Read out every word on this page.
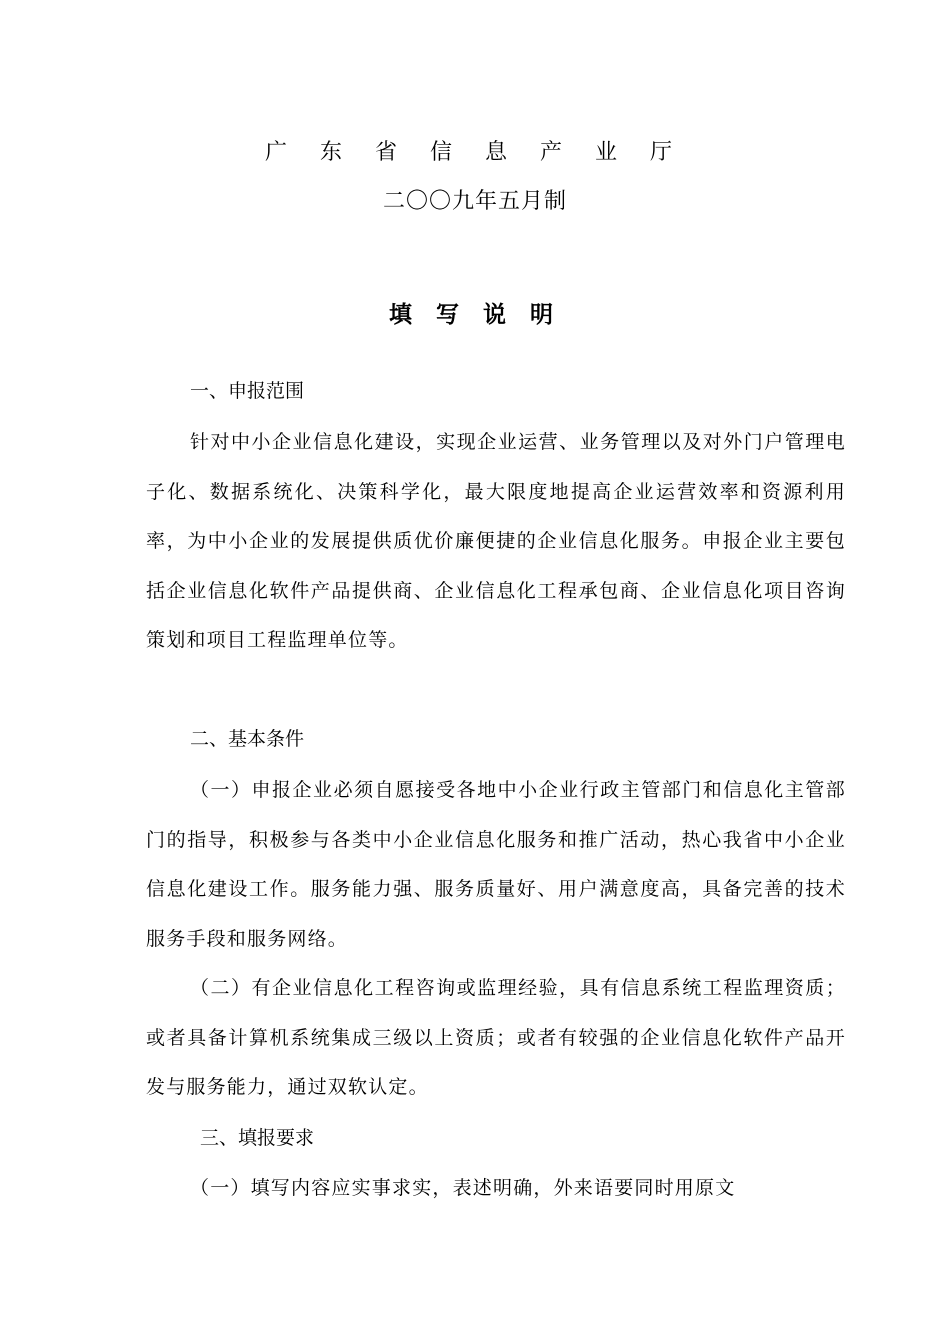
广 东 省 信 息 产 业 厅
二〇〇九年五月制
填 写 说 明
一、申报范围
针对中小企业信息化建设，实现企业运营、业务管理以及对外门户管理电子化、数据系统化、决策科学化，最大限度地提高企业运营效率和资源利用率，为中小企业的发展提供质优价廉便捷的企业信息化服务。申报企业主要包括企业信息化软件产品提供商、企业信息化工程承包商、企业信息化项目咨询策划和项目工程监理单位等。
二、基本条件
（一）申报企业必须自愿接受各地中小企业行政主管部门和信息化主管部门的指导，积极参与各类中小企业信息化服务和推广活动，热心我省中小企业信息化建设工作。服务能力强、服务质量好、用户满意度高，具备完善的技术服务手段和服务网络。
（二）有企业信息化工程咨询或监理经验，具有信息系统工程监理资质；或者具备计算机系统集成三级以上资质；或者有较强的企业信息化软件产品开发与服务能力，通过双软认定。
三、填报要求
（一）填写内容应实事求实，表述明确，外来语要同时用原文
